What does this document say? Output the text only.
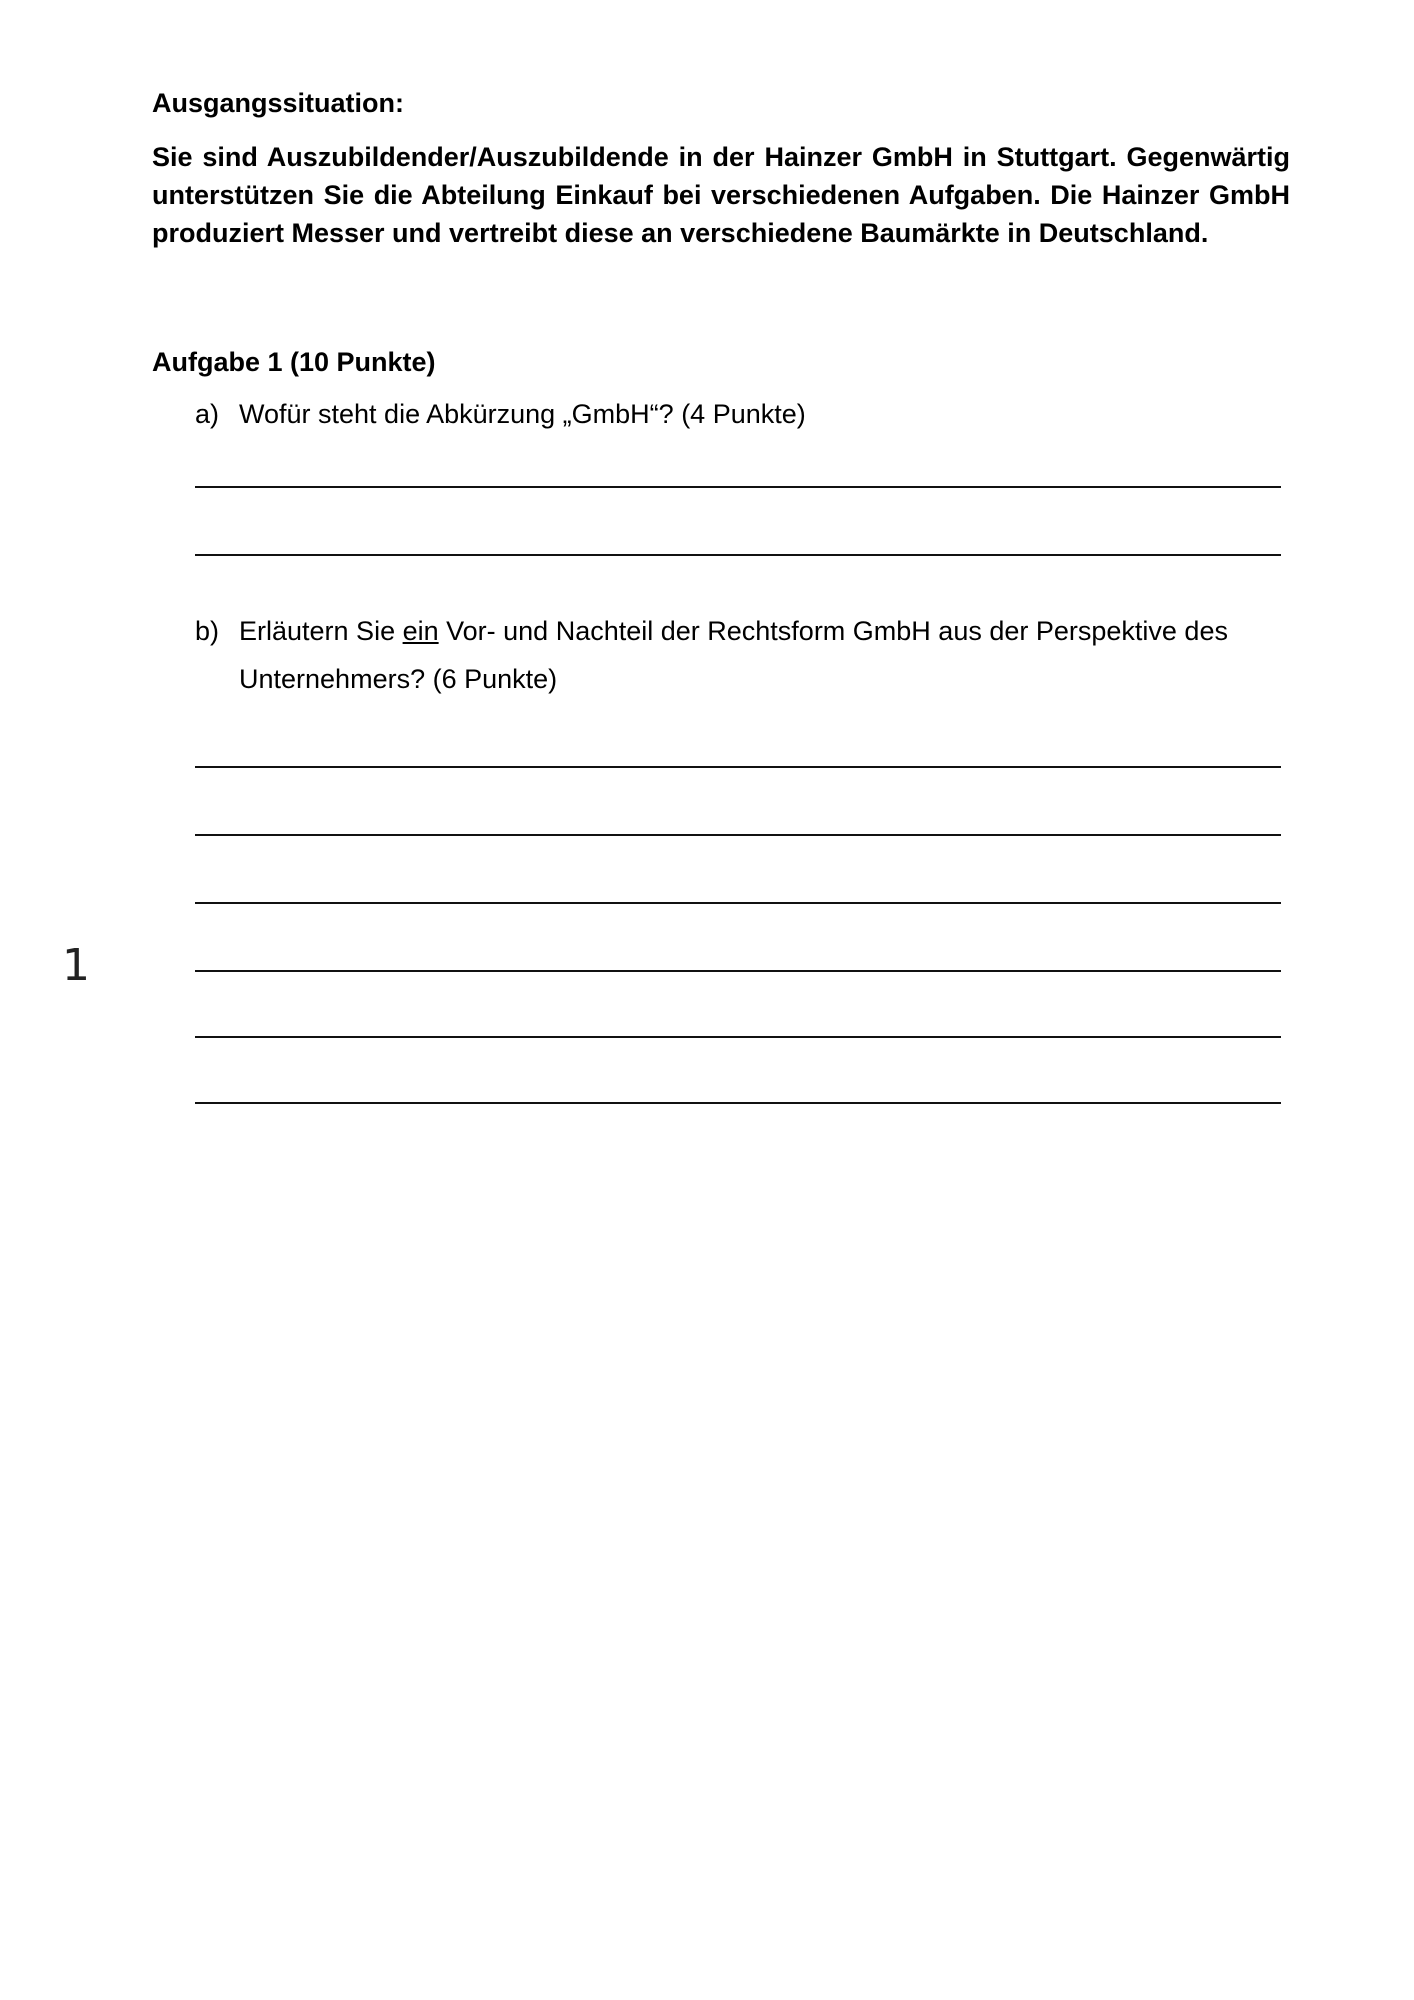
Ausgangssituation:
Sie sind Auszubildender/Auszubildende in der Hainzer GmbH in Stuttgart. Gegenwärtig unterstützen Sie die Abteilung Einkauf bei verschiedenen Aufgaben. Die Hainzer GmbH produziert Messer und vertreibt diese an verschiedene Baumärkte in Deutschland.
Aufgabe 1 (10 Punkte)
a) Wofür steht die Abkürzung „GmbH“? (4 Punkte)
b) Erläutern Sie ein Vor- und Nachteil der Rechtsform GmbH aus der Perspektive des
Unternehmers? (6 Punkte)
1
